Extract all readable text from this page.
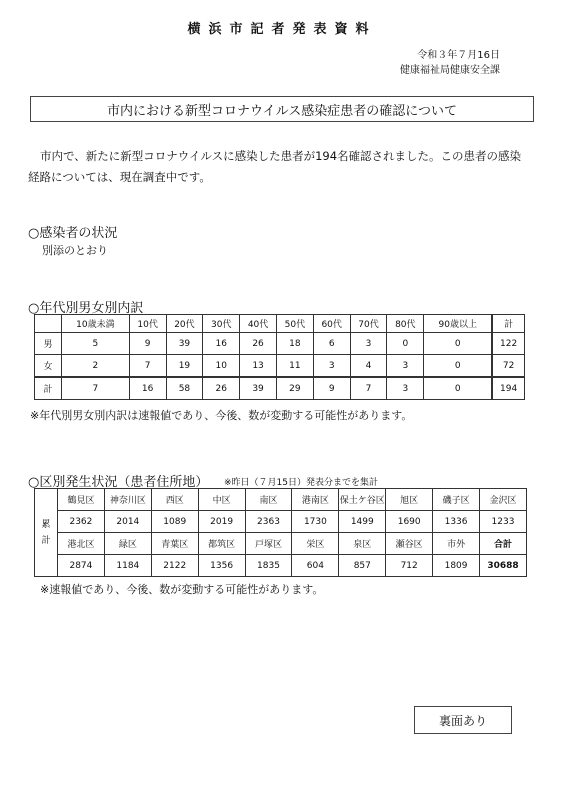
横浜市記者発表資料
令和３年７月16日
健康福祉局健康安全課
市内における新型コロナウイルス感染症患者の確認について
市内で、新たに新型コロナウイルスに感染した患者が194名確認されました。この患者の感染経路については、現在調査中です。
○感染者の状況
別添のとおり
○年代別男女別内訳
	10歳未満	10代	20代	30代	40代	50代	60代	70代	80代	90歳以上	計
男	5	9	39	16	26	18	6	3	0	0	122
女	2	7	19	10	13	11	3	4	3	0	72
計	7	16	58	26	39	29	9	7	3	0	194
※年代別男女別内訳は速報値であり、今後、数が変動する可能性があります。
○区別発生状況（患者住所地） ※昨日（７月15日）発表分までを集計
累
計	鶴見区	神奈川区	西区	中区	南区	港南区	保土ケ谷区	旭区	磯子区	金沢区
	2362	2014	1089	2019	2363	1730	1499	1690	1336	1233
	港北区	緑区	青葉区	都筑区	戸塚区	栄区	泉区	瀬谷区	市外	合計
	2874	1184	2122	1356	1835	604	857	712	1809	30688
※速報値であり、今後、数が変動する可能性があります。
裏面あり
